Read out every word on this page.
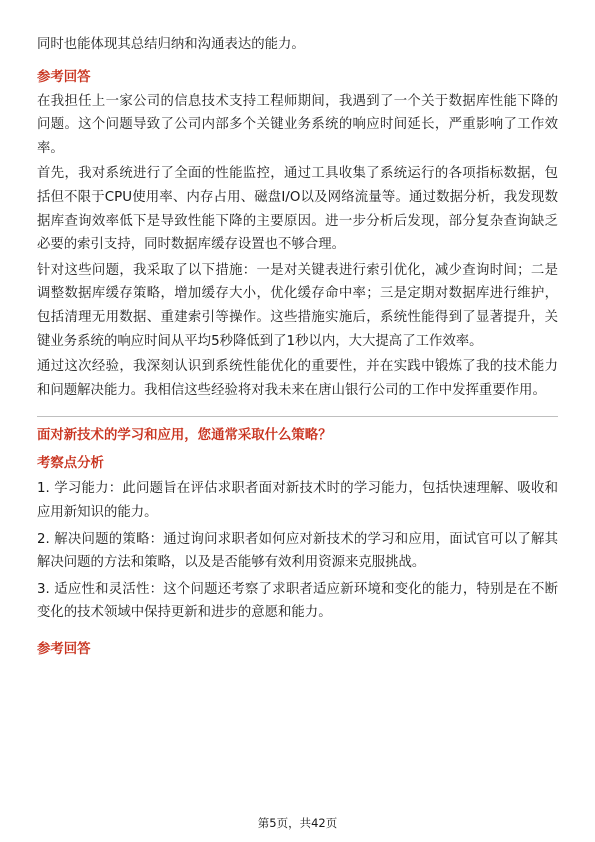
同时也能体现其总结归纳和沟通表达的能力。

参考回答

在我担任上一家公司的信息技术支持工程师期间，我遇到了一个关于数据库性能下降的问题。这个问题导致了公司内部多个关键业务系统的响应时间延长，严重影响了工作效率。

首先，我对系统进行了全面的性能监控，通过工具收集了系统运行的各项指标数据，包括但不限于CPU使用率、内存占用、磁盘I/O以及网络流量等。通过数据分析，我发现数据库查询效率低下是导致性能下降的主要原因。进一步分析后发现，部分复杂查询缺乏必要的索引支持，同时数据库缓存设置也不够合理。

针对这些问题，我采取了以下措施：一是对关键表进行索引优化，减少查询时间；二是调整数据库缓存策略，增加缓存大小，优化缓存命中率；三是定期对数据库进行维护，包括清理无用数据、重建索引等操作。这些措施实施后，系统性能得到了显著提升，关键业务系统的响应时间从平均5秒降低到了1秒以内，大大提高了工作效率。

通过这次经验，我深刻认识到系统性能优化的重要性，并在实践中锻炼了我的技术能力和问题解决能力。我相信这些经验将对我未来在唐山银行公司的工作中发挥重要作用。

面对新技术的学习和应用，您通常采取什么策略？

考察点分析

1. 学习能力：此问题旨在评估求职者面对新技术时的学习能力，包括快速理解、吸收和应用新知识的能力。

2. 解决问题的策略：通过询问求职者如何应对新技术的学习和应用，面试官可以了解其解决问题的方法和策略，以及是否能够有效利用资源来克服挑战。

3. 适应性和灵活性：这个问题还考察了求职者适应新环境和变化的能力，特别是在不断变化的技术领域中保持更新和进步的意愿和能力。

参考回答

第5页，共42页
